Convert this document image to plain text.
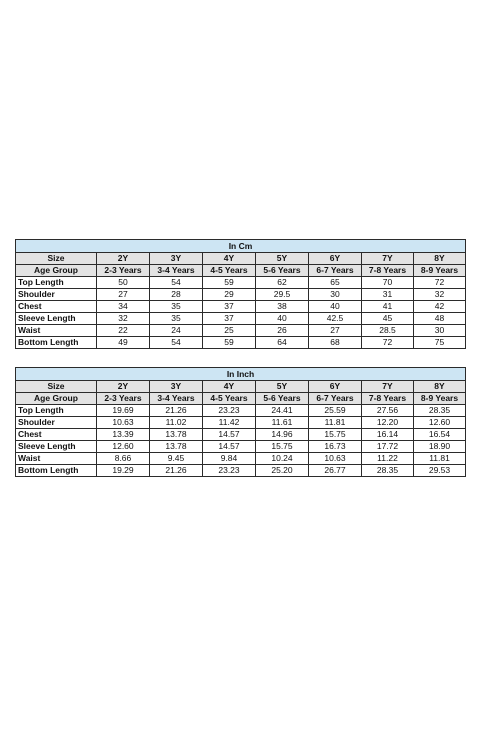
In Cm							
Size	2Y	3Y	4Y	5Y	6Y	7Y	8Y
Age Group	2-3 Years	3-4 Years	4-5 Years	5-6 Years	6-7 Years	7-8 Years	8-9 Years
Top Length	50	54	59	62	65	70	72
Shoulder	27	28	29	29.5	30	31	32
Chest	34	35	37	38	40	41	42
Sleeve Length	32	35	37	40	42.5	45	48
Waist	22	24	25	26	27	28.5	30
Bottom Length	49	54	59	64	68	72	75
In Inch							
Size	2Y	3Y	4Y	5Y	6Y	7Y	8Y
Age Group	2-3 Years	3-4 Years	4-5 Years	5-6 Years	6-7 Years	7-8 Years	8-9 Years
Top Length	19.69	21.26	23.23	24.41	25.59	27.56	28.35
Shoulder	10.63	11.02	11.42	11.61	11.81	12.20	12.60
Chest	13.39	13.78	14.57	14.96	15.75	16.14	16.54
Sleeve Length	12.60	13.78	14.57	15.75	16.73	17.72	18.90
Waist	8.66	9.45	9.84	10.24	10.63	11.22	11.81
Bottom Length	19.29	21.26	23.23	25.20	26.77	28.35	29.53
